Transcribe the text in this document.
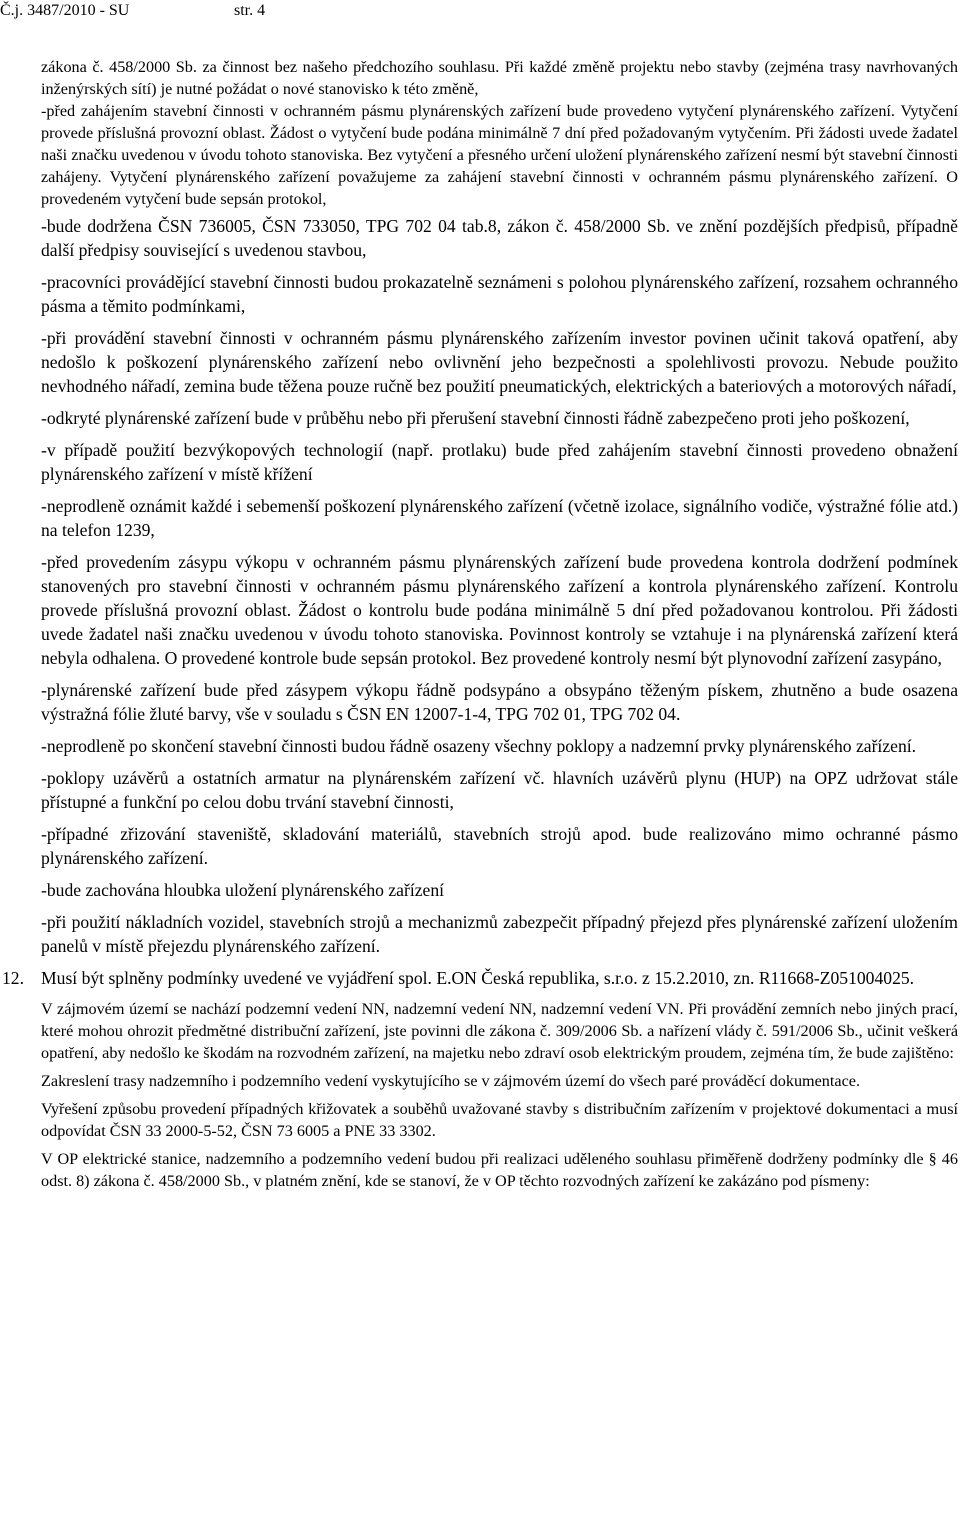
Č.j. 3487/2010 - SU	str. 4

zákona č. 458/2000 Sb. za činnost bez našeho předchozího souhlasu. Při každé změně projektu nebo stavby (zejména trasy navrhovaných inženýrských sítí) je nutné požádat o nové stanovisko k této změně,

-před zahájením stavební činnosti v ochranném pásmu plynárenských zařízení bude provedeno vytyčení plynárenského zařízení. Vytyčení provede příslušná provozní oblast. Žádost o vytyčení bude podána minimálně 7 dní před požadovaným vytyčením. Při žádosti uvede žadatel naši značku uvedenou v úvodu tohoto stanoviska. Bez vytyčení a přesného určení uložení plynárenského zařízení nesmí být stavební činnosti zahájeny. Vytyčení plynárenského zařízení považujeme za zahájení stavební činnosti v ochranném pásmu plynárenského zařízení. O provedeném vytyčení bude sepsán protokol,

-bude dodržena ČSN 736005, ČSN 733050, TPG 702 04 tab.8, zákon č. 458/2000 Sb. ve znění pozdějších předpisů, případně další předpisy související s uvedenou stavbou,

-pracovníci provádějící stavební činnosti budou prokazatelně seznámeni s polohou plynárenského zařízení, rozsahem ochranného pásma a těmito podmínkami,

-při provádění stavební činnosti v ochranném pásmu plynárenského zařízením investor povinen učinit taková opatření, aby nedošlo k poškození plynárenského zařízení nebo ovlivnění jeho bezpečnosti a spolehlivosti provozu. Nebude použito nevhodného nářadí, zemina bude těžena pouze ručně bez použití pneumatických, elektrických a bateriových a motorových nářadí,

-odkryté plynárenské zařízení bude v průběhu nebo při přerušení stavební činnosti řádně zabezpečeno proti jeho poškození,

-v případě použití bezvýkopových technologií (např. protlaku) bude před zahájením stavební činnosti provedeno obnažení plynárenského zařízení v místě křížení

-neprodleně oznámit každé i sebemenší poškození plynárenského zařízení (včetně izolace, signálního vodiče, výstražné fólie atd.) na telefon 1239,

-před provedením zásypu výkopu v ochranném pásmu plynárenských zařízení bude provedena kontrola dodržení podmínek stanovených pro stavební činnosti v ochranném pásmu plynárenského zařízení a kontrola plynárenského zařízení. Kontrolu provede příslušná provozní oblast. Žádost o kontrolu bude podána minimálně 5 dní před požadovanou kontrolou. Při žádosti uvede žadatel naši značku uvedenou v úvodu tohoto stanoviska. Povinnost kontroly se vztahuje i na plynárenská zařízení která nebyla odhalena. O provedené kontrole bude sepsán protokol. Bez provedené kontroly nesmí být plynovodní zařízení zasypáno,

-plynárenské zařízení bude před zásypem výkopu řádně podsypáno a obsypáno těženým pískem, zhutněno a bude osazena výstražná fólie žluté barvy, vše v souladu s ČSN EN 12007-1-4, TPG 702 01, TPG 702 04.

-neprodleně po skončení stavební činnosti budou řádně osazeny všechny poklopy a nadzemní prvky plynárenského zařízení.

-poklopy uzávěrů a ostatních armatur na plynárenském zařízení vč. hlavních uzávěrů plynu (HUP) na OPZ udržovat stále přístupné a funkční po celou dobu trvání stavební činnosti,

-případné zřizování staveniště, skladování materiálů, stavebních strojů apod. bude realizováno mimo ochranné pásmo plynárenského zařízení.

-bude zachována hloubka uložení plynárenského zařízení

-při použití nákladních vozidel, stavebních strojů a mechanizmů zabezpečit případný přejezd přes plynárenské zařízení uložením panelů v místě přejezdu plynárenského zařízení.

12. Musí být splněny podmínky uvedené ve vyjádření spol. E.ON Česká republika, s.r.o. z 15.2.2010, zn. R11668-Z051004025.

V zájmovém území se nachází podzemní vedení NN, nadzemní vedení NN, nadzemní vedení VN. Při provádění zemních nebo jiných prací, které mohou ohrozit předmětné distribuční zařízení, jste povinni dle zákona č. 309/2006 Sb. a nařízení vlády č. 591/2006 Sb., učinit veškerá opatření, aby nedošlo ke škodám na rozvodném zařízení, na majetku nebo zdraví osob elektrickým proudem, zejména tím, že bude zajištěno:

Zakreslení trasy nadzemního i podzemního vedení vyskytujícího se v zájmovém území do všech paré prováděcí dokumentace.

Vyřešení způsobu provedení případných křižovatek a souběhů uvažované stavby s distribučním zařízením v projektové dokumentaci a musí odpovídat ČSN 33 2000-5-52, ČSN 73 6005 a PNE 33 3302.

V OP elektrické stanice, nadzemního a podzemního vedení budou při realizaci uděleného souhlasu přiměřeně dodrženy podmínky dle § 46 odst. 8) zákona č. 458/2000 Sb., v platném znění, kde se stanoví, že v OP těchto rozvodných zařízení ke zakázáno pod písmeny:
